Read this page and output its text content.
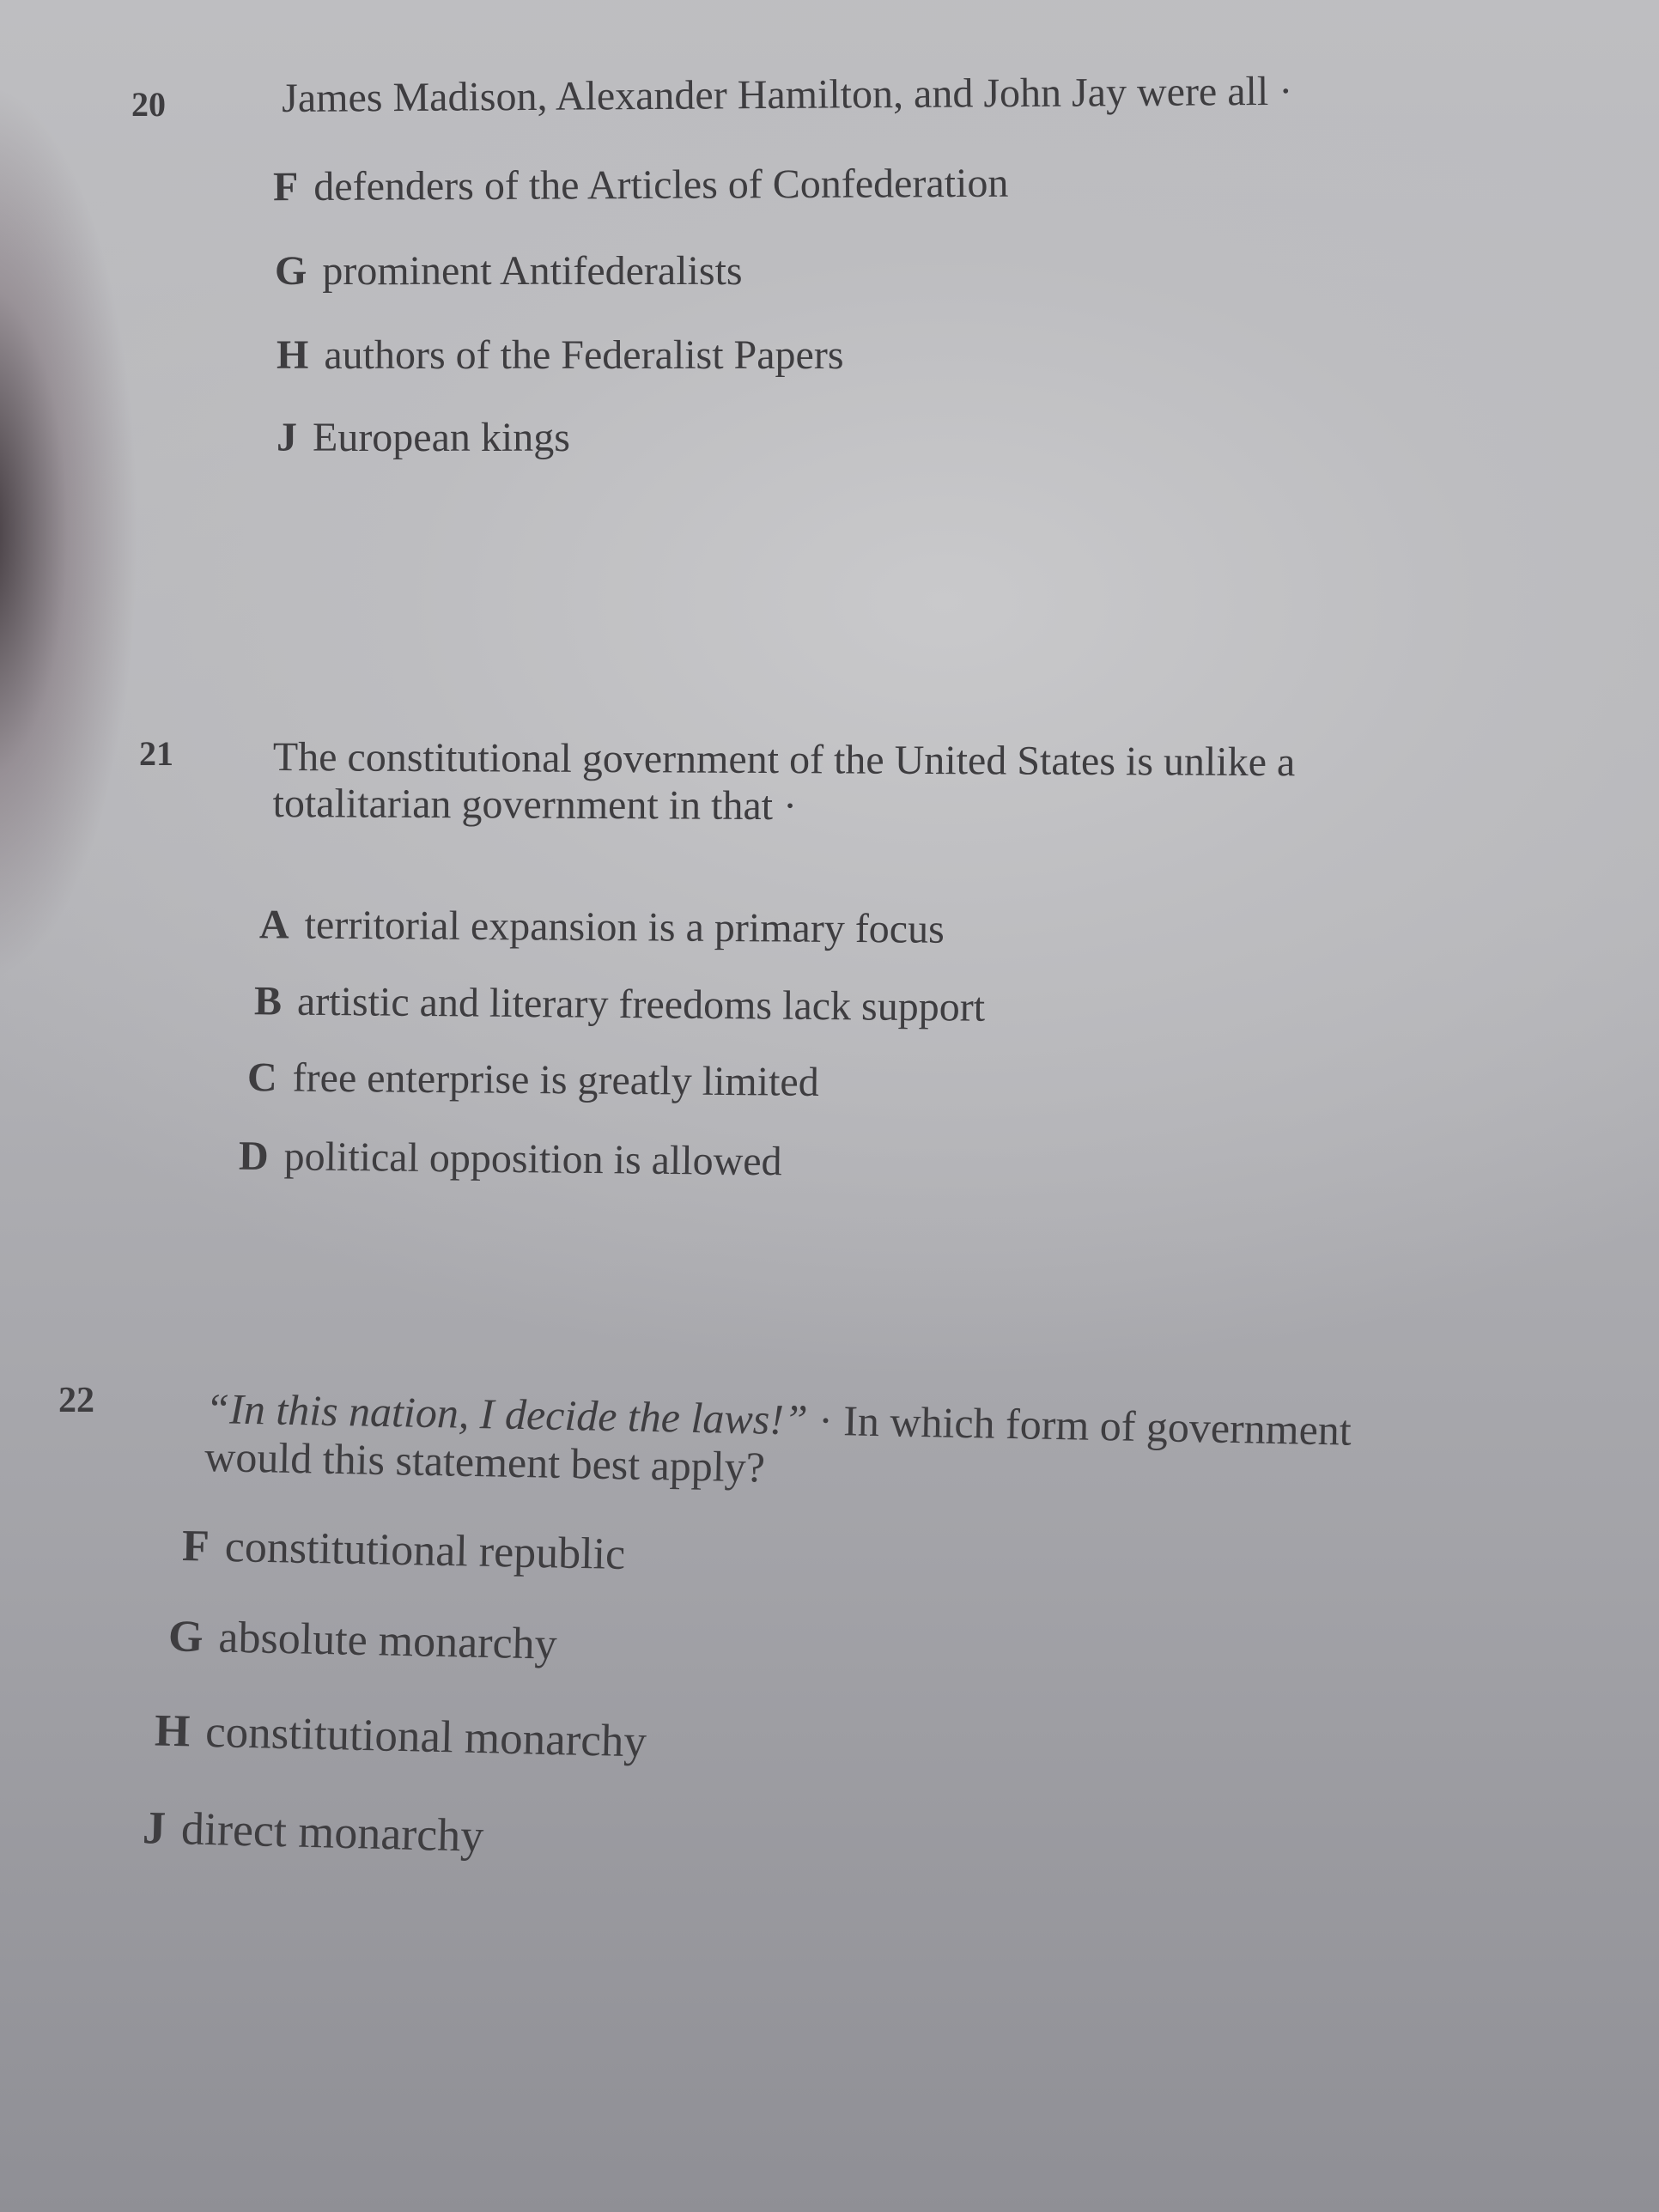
20	James Madison, Alexander Hamilton, and John Jay were all ·
F defenders of the Articles of Confederation
G prominent Antifederalists
H authors of the Federalist Papers
J European kings
21 The constitutional government of the United States is unlike a
totalitarian government in that ·
A territorial expansion is a primary focus
B artistic and literary freedoms lack support
C free enterprise is greatly limited
D political opposition is allowed
22	“In this nation, I decide the laws!” · In which form of government
would this statement best apply?
F constitutional republic
G absolute monarchy
H constitutional monarchy
J direct monarchy
